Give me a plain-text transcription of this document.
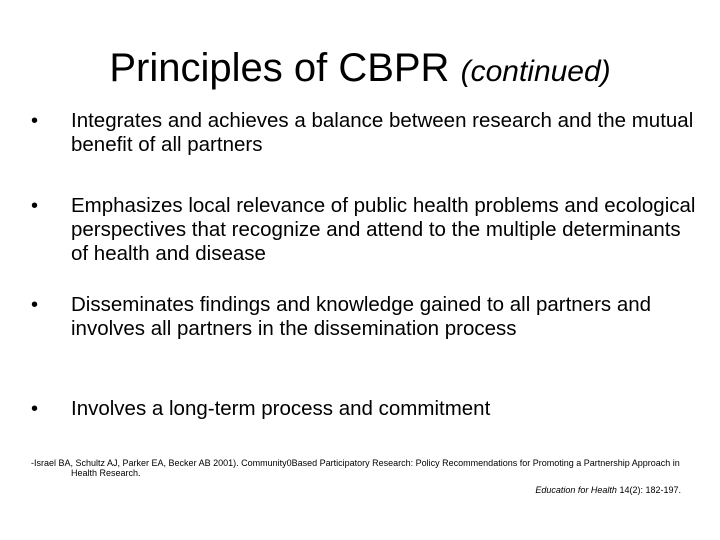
Principles of CBPR (continued)
•	Integrates and achieves a balance between research and the mutual benefit of all partners
•	Emphasizes local relevance of public health problems and ecological perspectives that recognize and attend to the multiple determinants of health and disease
•	Disseminates findings and knowledge gained to all partners and involves all partners in the dissemination process
•	Involves a long-term process and commitment
-Israel BA, Schultz AJ, Parker EA, Becker AB 2001). Community0Based Participatory Research: Policy Recommendations for Promoting a Partnership Approach in Health Research.
Education for Health 14(2): 182-197.
